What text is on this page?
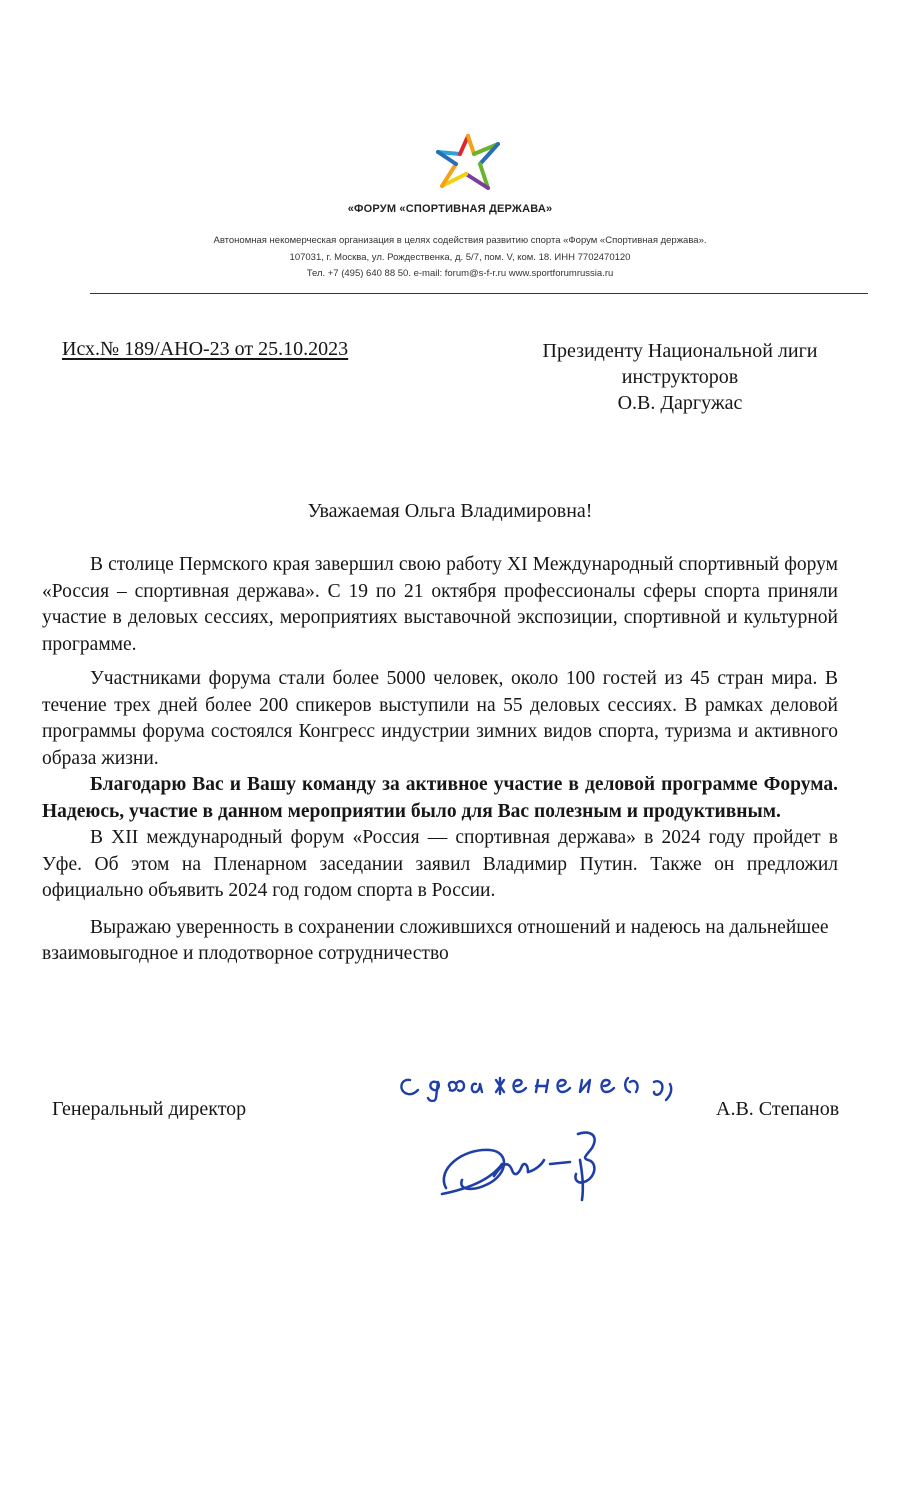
«ФОРУМ «СПОРТИВНАЯ ДЕРЖАВА»
Автономная некомерческая организация в целях содействия развитию спорта «Форум «Спортивная держава».
107031, г. Москва, ул. Рождественка, д. 5/7, пом. V, ком. 18. ИНН 7702470120
Тел. +7 (495) 640 88 50. e-mail: forum@s-f-r.ru www.sportforumrussia.ru
Исх.№ 189/АНО-23 от 25.10.2023	Президенту Национальной лиги
инструкторов
О.В. Даргужас
Уважаемая Ольга Владимировна!

В столице Пермского края завершил свою работу XI Международный спортивный форум «Россия – спортивная держава». С 19 по 21 октября профессионалы сферы спорта приняли участие в деловых сессиях, мероприятиях выставочной экспозиции, спортивной и культурной программе.

Участниками форума стали более 5000 человек, около 100 гостей из 45 стран мира. В течение трех дней более 200 спикеров выступили на 55 деловых сессиях. В рамках деловой программы форума состоялся Конгресс индустрии зимних видов спорта, туризма и активного образа жизни.

Благодарю Вас и Вашу команду за активное участие в деловой программе Форума. Надеюсь, участие в данном мероприятии было для Вас полезным и продуктивным.

В XII международный форум «Россия — спортивная держава» в 2024 году пройдет в Уфе. Об этом на Пленарном заседании заявил Владимир Путин. Также он предложил официально объявить 2024 год годом спорта в России.

Выражаю уверенность в сохранении сложившихся отношений и надеюсь на дальнейшее взаимовыгодное и плодотворное сотрудничество

Генеральный директор	А.В. Степанов
